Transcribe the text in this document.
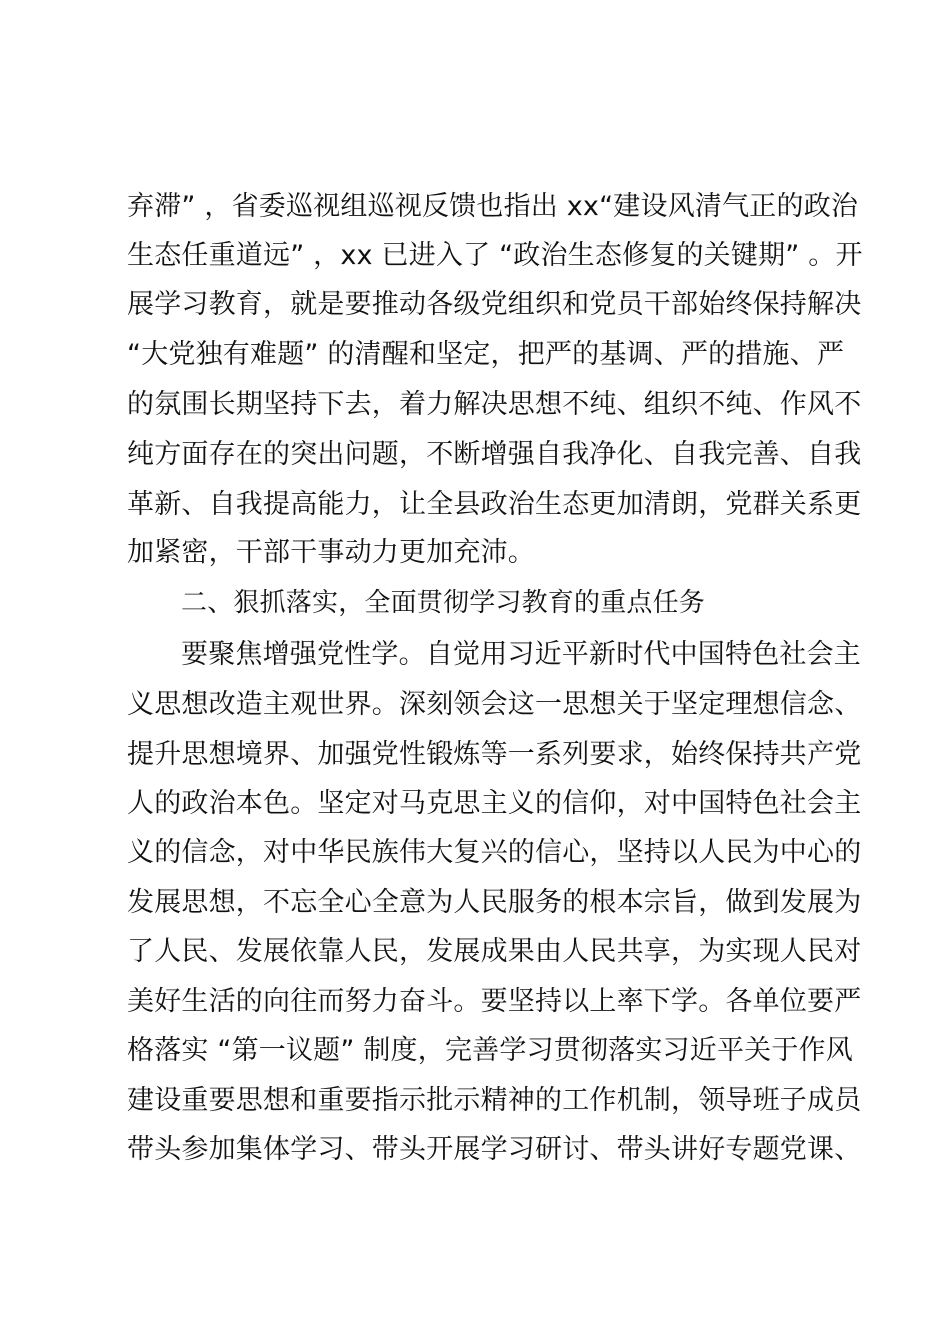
弃滞” ，省委巡视组巡视反馈也指出 xx“建设风清气正的政治
生态任重道远” ，xx 已进入了 “政治生态修复的关键期” 。开
展学习教育，就是要推动各级党组织和党员干部始终保持解决
“大党独有难题” 的清醒和坚定，把严的基调、严的措施、严
的氛围长期坚持下去，着力解决思想不纯、组织不纯、作风不
纯方面存在的突出问题，不断增强自我净化、自我完善、自我
革新、自我提高能力，让全县政治生态更加清朗，党群关系更
加紧密，干部干事动力更加充沛。
二、狠抓落实，全面贯彻学习教育的重点任务
要聚焦增强党性学。自觉用习近平新时代中国特色社会主
义思想改造主观世界。深刻领会这一思想关于坚定理想信念、
提升思想境界、加强党性锻炼等一系列要求，始终保持共产党
人的政治本色。坚定对马克思主义的信仰，对中国特色社会主
义的信念，对中华民族伟大复兴的信心，坚持以人民为中心的
发展思想，不忘全心全意为人民服务的根本宗旨，做到发展为
了人民、发展依靠人民，发展成果由人民共享，为实现人民对
美好生活的向往而努力奋斗。要坚持以上率下学。各单位要严
格落实 “第一议题” 制度，完善学习贯彻落实习近平关于作风
建设重要思想和重要指示批示精神的工作机制，领导班子成员
带头参加集体学习、带头开展学习研讨、带头讲好专题党课、
